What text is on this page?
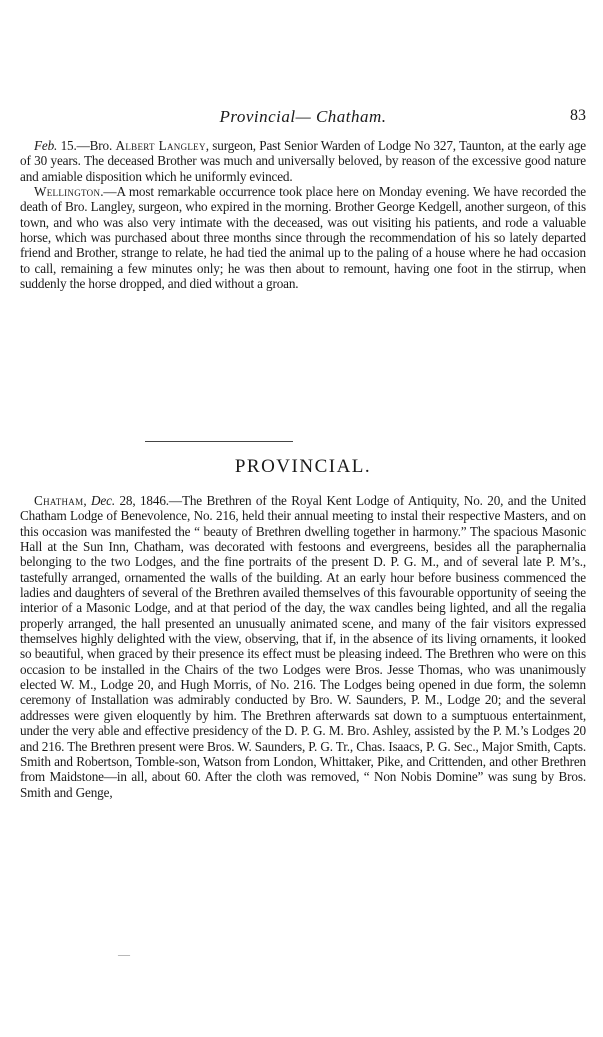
Provincial— Chatham.	83

Feb. 15.—Bro. Albert Langley, surgeon, Past Senior Warden of Lodge No 327, Taunton, at the early age of 30 years. The deceased Brother was much and universally beloved, by reason of the excessive good nature and amiable disposition which he uniformly evinced.

Wellington.—A most remarkable occurrence took place here on Monday evening. We have recorded the death of Bro. Langley, surgeon, who expired in the morning. Brother George Kedgell, another surgeon, of this town, and who was also very intimate with the deceased, was out visiting his patients, and rode a valuable horse, which was purchased about three months since through the recommendation of his so lately departed friend and Brother, strange to relate, he had tied the animal up to the paling of a house where he had occasion to call, remaining a few minutes only; he was then about to remount, having one foot in the stirrup, when suddenly the horse dropped, and died without a groan.

PROVINCIAL.

Chatham, Dec. 28, 1846.—The Brethren of the Royal Kent Lodge of Antiquity, No. 20, and the United Chatham Lodge of Benevolence, No. 216, held their annual meeting to instal their respective Masters, and on this occasion was manifested the “ beauty of Brethren dwelling together in harmony.” The spacious Masonic Hall at the Sun Inn, Chatham, was decorated with festoons and evergreens, besides all the paraphernalia belonging to the two Lodges, and the fine portraits of the present D. P. G. M., and of several late P. M’s., tastefully arranged, ornamented the walls of the building. At an early hour before business commenced the ladies and daughters of several of the Brethren availed themselves of this favourable opportunity of seeing the interior of a Masonic Lodge, and at that period of the day, the wax candles being lighted, and all the regalia properly arranged, the hall presented an unusually animated scene, and many of the fair visitors expressed themselves highly delighted with the view, observing, that if, in the absence of its living ornaments, it looked so beautiful, when graced by their presence its effect must be pleasing indeed. The Brethren who were on this occasion to be installed in the Chairs of the two Lodges were Bros. Jesse Thomas, who was unanimously elected W. M., Lodge 20, and Hugh Morris, of No. 216. The Lodges being opened in due form, the solemn ceremony of Installation was admirably conducted by Bro. W. Saunders, P. M., Lodge 20; and the several addresses were given eloquently by him. The Brethren afterwards sat down to a sumptuous entertainment, under the very able and effective presidency of the D. P. G. M. Bro. Ashley, assisted by the P. M.’s Lodges 20 and 216. The Brethren present were Bros. W. Saunders, P. G. Tr., Chas. Isaacs, P. G. Sec., Major Smith, Capts. Smith and Robertson, Tomble-son, Watson from London, Whittaker, Pike, and Crittenden, and other Brethren from Maidstone—in all, about 60. After the cloth was removed, “ Non Nobis Domine” was sung by Bros. Smith and Genge,

—
